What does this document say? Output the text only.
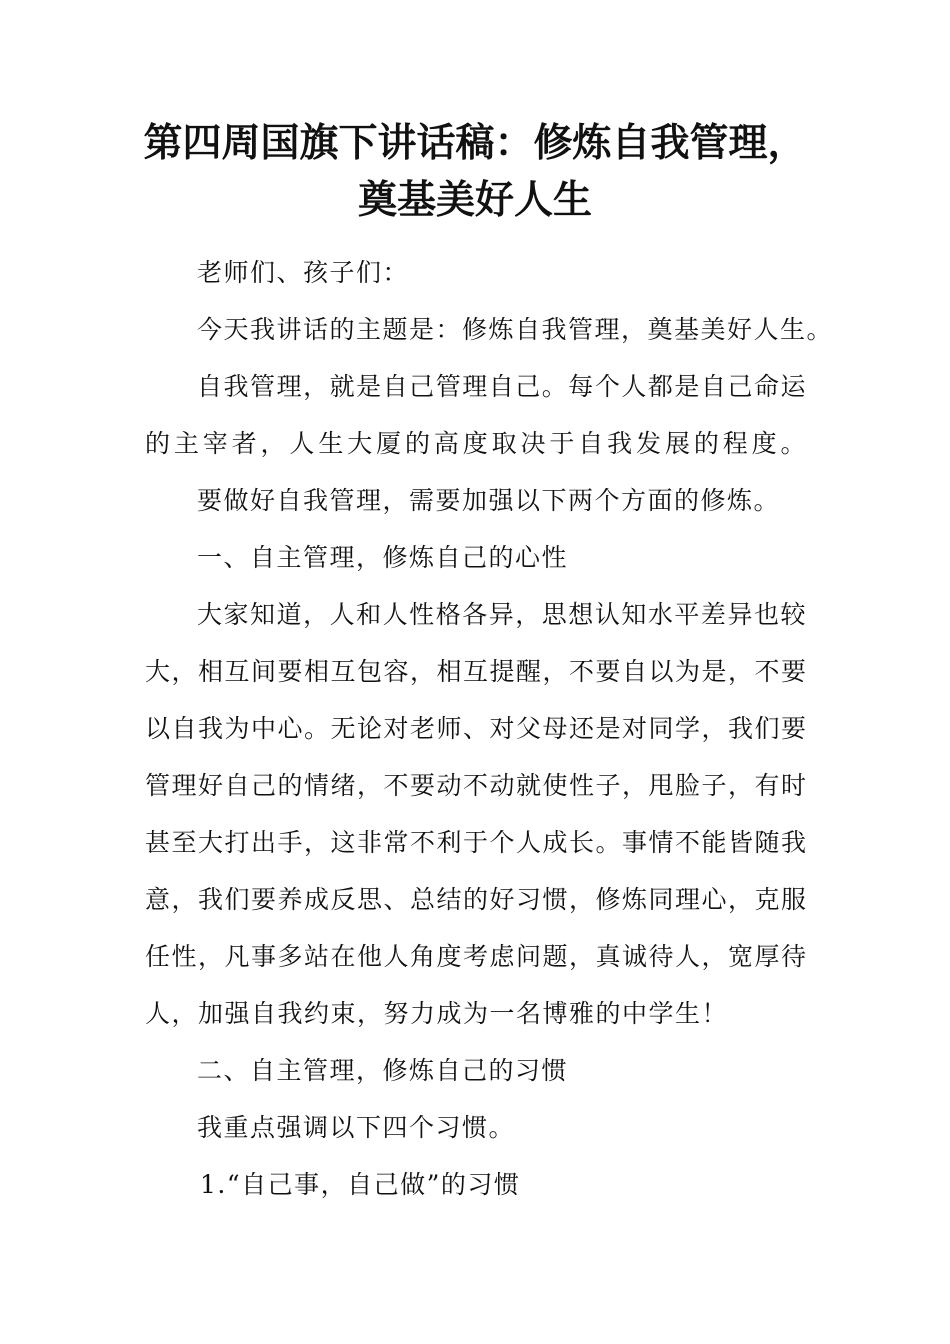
第四周国旗下讲话稿：修炼自我管理，
奠基美好人生

老师们、孩子们：

今天我讲话的主题是：修炼自我管理，奠基美好人生。

自我管理，就是自己管理自己。每个人都是自己命运

的主宰者，人生大厦的高度取决于自我发展的程度。

要做好自我管理，需要加强以下两个方面的修炼。

一、自主管理，修炼自己的心性

大家知道，人和人性格各异，思想认知水平差异也较

大，相互间要相互包容，相互提醒，不要自以为是，不要

以自我为中心。无论对老师、对父母还是对同学，我们要

管理好自己的情绪，不要动不动就使性子，甩脸子，有时

甚至大打出手，这非常不利于个人成长。事情不能皆随我

意，我们要养成反思、总结的好习惯，修炼同理心，克服

任性，凡事多站在他人角度考虑问题，真诚待人，宽厚待

人，加强自我约束，努力成为一名博雅的中学生！

二、自主管理，修炼自己的习惯

我重点强调以下四个习惯。

1.“自己事，自己做”的习惯
